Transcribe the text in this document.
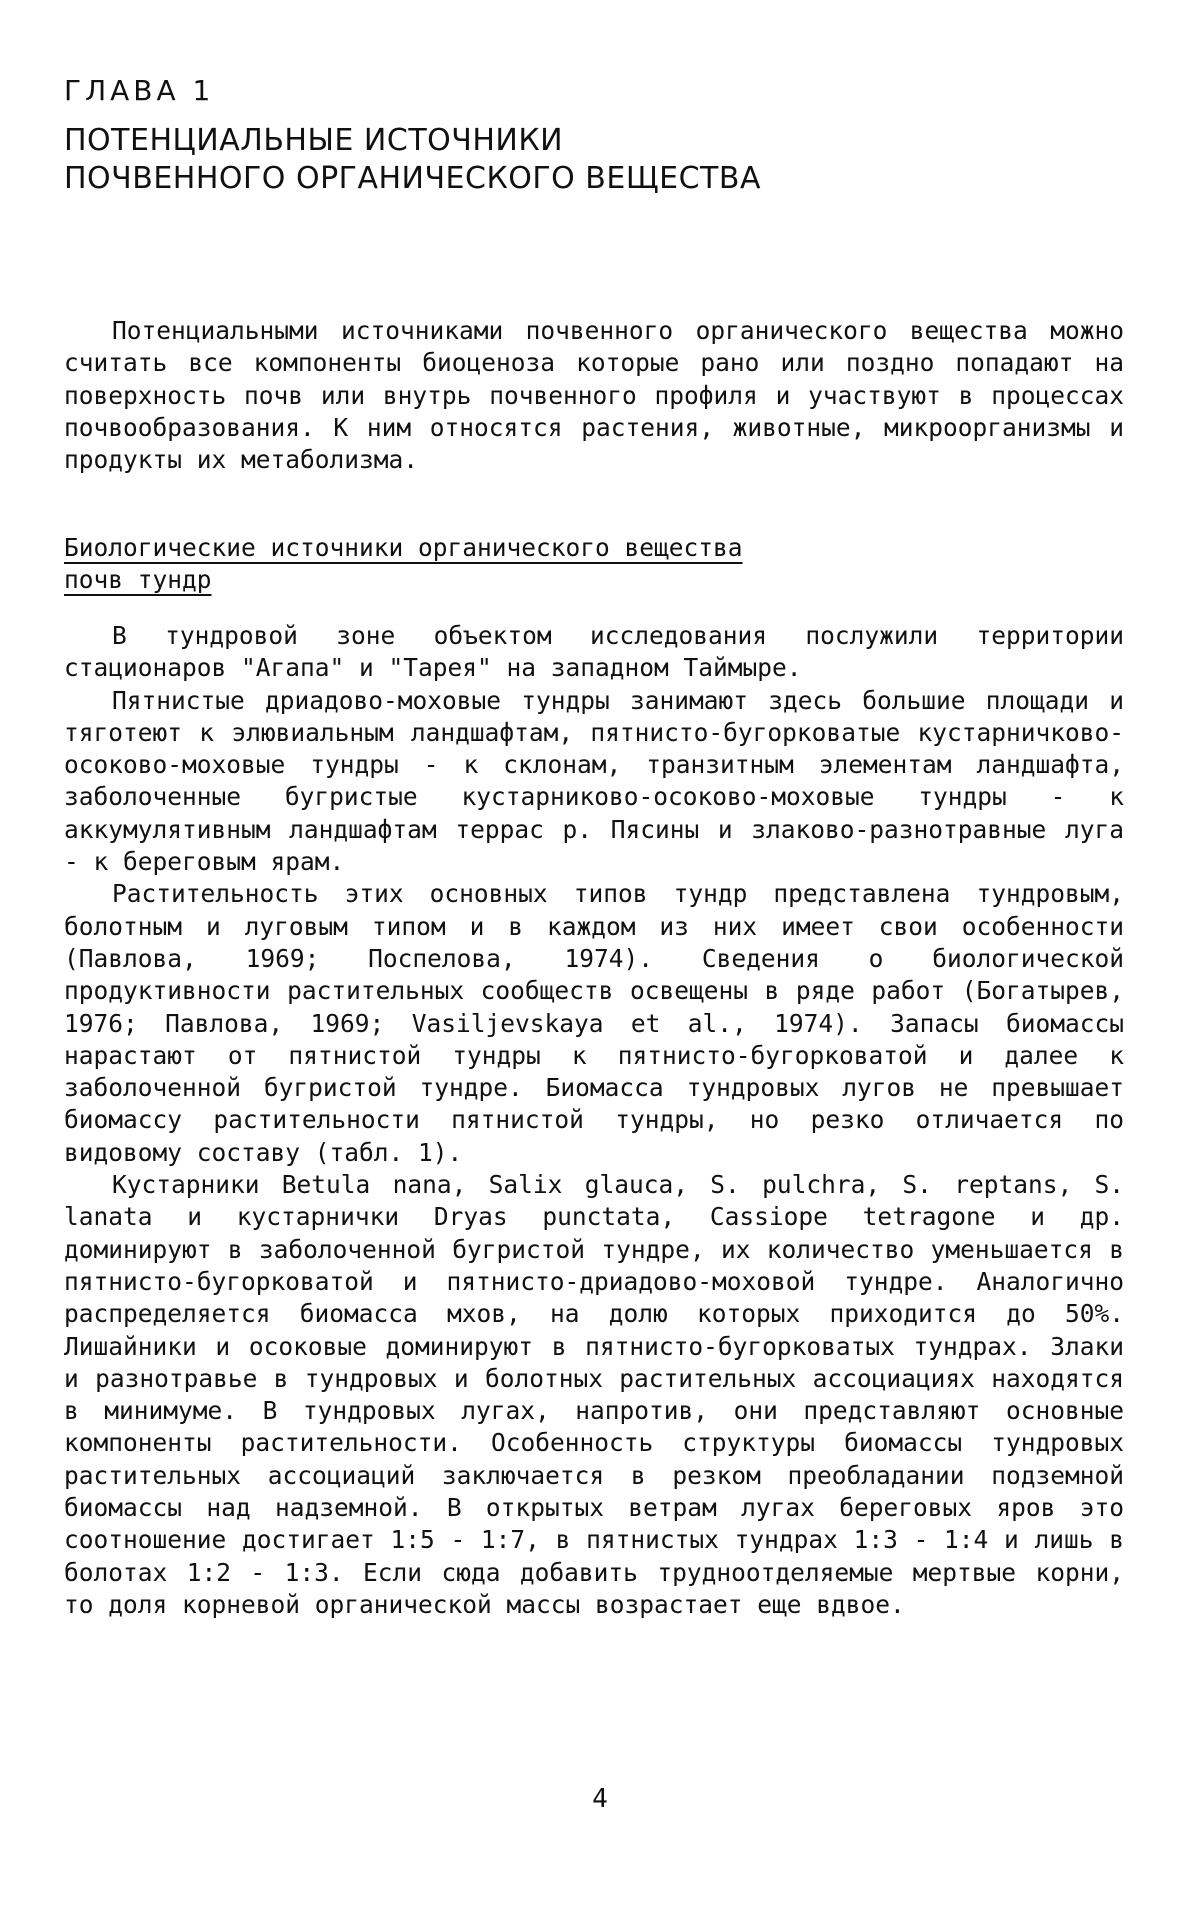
ГЛАВА 1
ПОТЕНЦИАЛЬНЫЕ ИСТОЧНИКИ
ПОЧВЕННОГО ОРГАНИЧЕСКОГО ВЕЩЕСТВА

Потенциальными источниками почвенного органического вещества можно считать все компоненты биоценоза которые рано или поздно попадают на поверхность почв или внутрь почвенного профиля и участвуют в процессах почвообразования. К ним относятся растения, животные, микроорганизмы и продукты их метаболизма.

Биологические источники органического вещества
почв тундр

В тундровой зоне объектом исследования послужили территории стационаров "Агапа" и "Тарея" на западном Таймыре.

Пятнистые дриадово-моховые тундры занимают здесь большие площади и тяготеют к элювиальным ландшафтам, пятнисто-бугорковатые кустарничково-осоково-моховые тундры - к склонам, транзитным элементам ландшафта, заболоченные бугристые кустарниково-осоково-моховые тундры - к аккумулятивным ландшафтам террас р. Пясины и злаково-разнотравные луга - к береговым ярам.

Растительность этих основных типов тундр представлена тундровым, болотным и луговым типом и в каждом из них имеет свои особенности (Павлова, 1969; Поспелова, 1974). Сведения о биологической продуктивности растительных сообществ освещены в ряде работ (Богатырев, 1976; Павлова, 1969; Vasiljevskaya et al., 1974). Запасы биомассы нарастают от пятнистой тундры к пятнисто-бугорковатой и далее к заболоченной бугристой тундре. Биомасса тундровых лугов не превышает биомассу растительности пятнистой тундры, но резко отличается по видовому составу (табл. 1).

Кустарники Betula nana, Salix glauca, S. pulchra, S. reptans, S. lanata и кустарнички Dryas punctata, Cassiope tetragone и др. доминируют в заболоченной бугристой тундре, их количество уменьшается в пятнисто-бугорковатой и пятнисто-дриадово-моховой тундре. Аналогично распределяется биомасса мхов, на долю которых приходится до 50%. Лишайники и осоковые доминируют в пятнисто-бугорковатых тундрах. Злаки и разнотравье в тундровых и болотных растительных ассоциациях находятся в минимуме. В тундровых лугах, напротив, они представляют основные компоненты растительности. Особенность структуры биомассы тундровых растительных ассоциаций заключается в резком преобладании подземной биомассы над надземной. В открытых ветрам лугах береговых яров это соотношение достигает 1:5 - 1:7, в пятнистых тундрах 1:3 - 1:4 и лишь в болотах 1:2 - 1:3. Если сюда добавить трудноотделяемые мертвые корни, то доля корневой органической массы возрастает еще вдвое.

4
